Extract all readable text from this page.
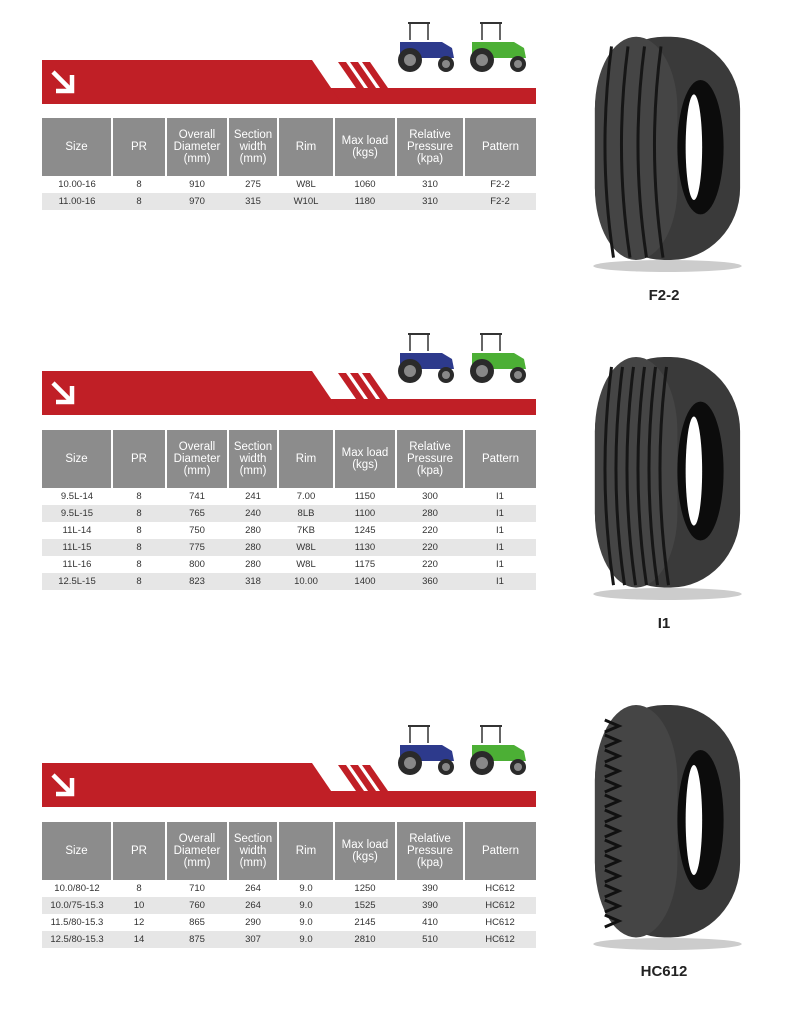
Size	PR	Overall
Diameter
(mm)	Section
width
(mm)	Rim	Max load
(kgs)	Relative
Pressure
(kpa)	Pattern
10.00-16	8	910	275	W8L	1060	310	F2-2
11.00-16	8	970	315	W10L	1180	310	F2-2
F2-2
Size	PR	Overall
Diameter
(mm)	Section
width
(mm)	Rim	Max load
(kgs)	Relative
Pressure
(kpa)	Pattern
9.5L-14	8	741	241	7.00	1150	300	I1
9.5L-15	8	765	240	8LB	1100	280	I1
11L-14	8	750	280	7KB	1245	220	I1
11L-15	8	775	280	W8L	1130	220	I1
11L-16	8	800	280	W8L	1175	220	I1
12.5L-15	8	823	318	10.00	1400	360	I1
I1
Size	PR	Overall
Diameter
(mm)	Section
width
(mm)	Rim	Max load
(kgs)	Relative
Pressure
(kpa)	Pattern
10.0/80-12	8	710	264	9.0	1250	390	HC612
10.0/75-15.3	10	760	264	9.0	1525	390	HC612
11.5/80-15.3	12	865	290	9.0	2145	410	HC612
12.5/80-15.3	14	875	307	9.0	2810	510	HC612
HC612
